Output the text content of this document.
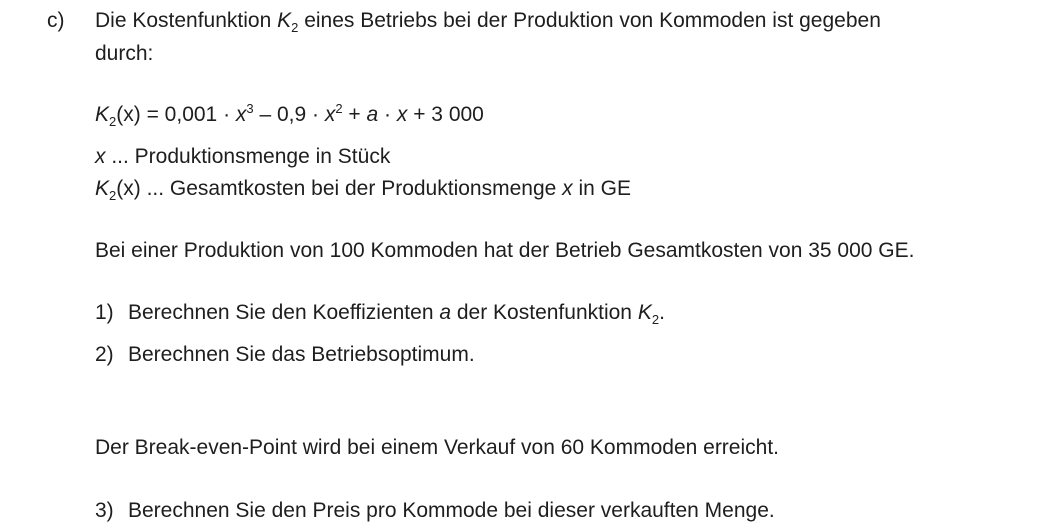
c) Die Kostenfunktion $K_2$ eines Betriebs bei der Produktion von Kommoden ist gegeben
durch:
$K_2(x) = 0,001 \cdot x^3 - 0,9 \cdot x^2 + a \cdot x + 3$ 000
x ... Produktionsmenge in Stück
$K_2(x)$ ... Gesamtkosten bei der Produktionsmenge x in GE
Bei einer Produktion von 100 Kommoden hat der Betrieb Gesamtkosten von 35 000 GE.
1) Berechnen Sie den Koeffizienten a der Kostenfunktion $K_2$.
2) Berechnen Sie das Betriebsoptimum.
Der Break-even-Point wird bei einem Verkauf von 60 Kommoden erreicht.
3) Berechnen Sie den Preis pro Kommode bei dieser verkauften Menge.
